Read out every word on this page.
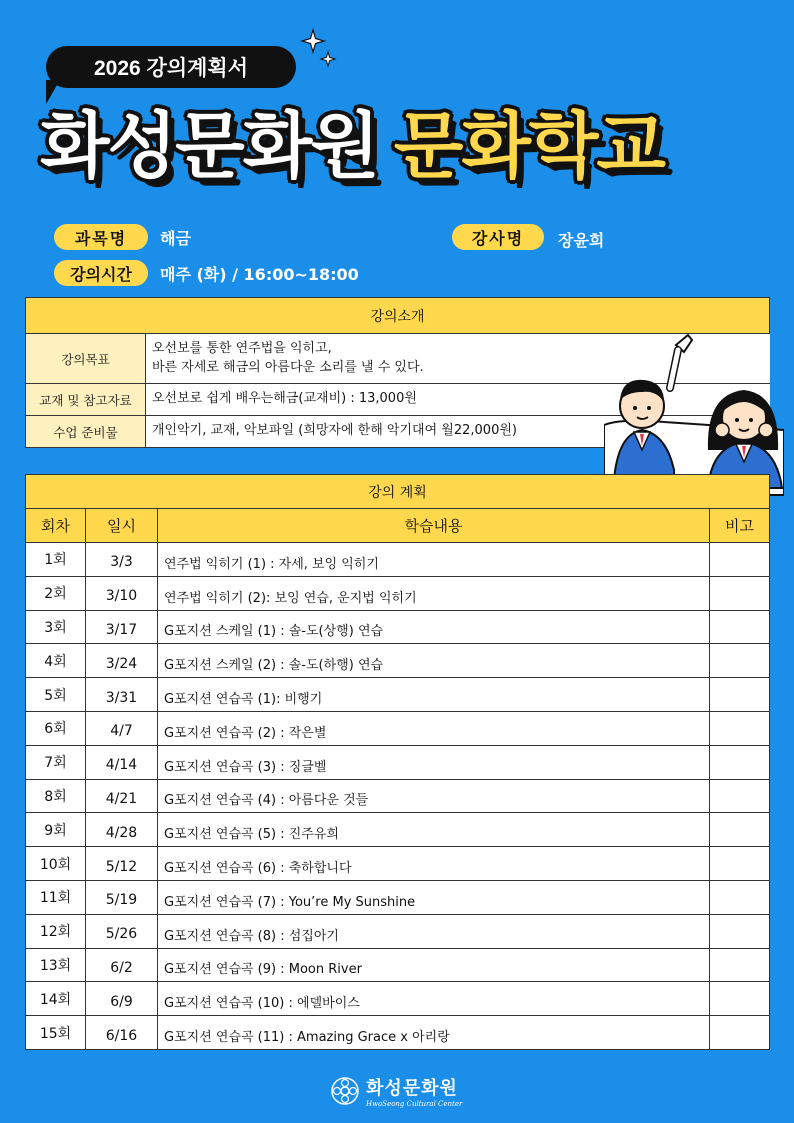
2026 강의계획서
화성문화원 문화학교
과목명	해금	강사명	장윤희
강의시간	매주 (화) / 16:00~18:00
강의소개	
강의목표	오선보를 통한 연주법을 익히고,
바른 자세로 해금의 아름다운 소리를 낼 수 있다.

교재 및 참고자료	오선보로 쉽게 배우는해금(교재비) : 13,000원
수업 준비물	개인악기, 교재, 악보파일 (희망자에 한해 악기대여 월22,000원)
강의 계획			
회차	일시	학습내용	비고
1회	3/3	연주법 익히기 (1) : 자세, 보잉 익히기	
2회	3/10	연주법 익히기 (2): 보잉 연습, 운지법 익히기	
3회	3/17	G포지션 스케일 (1) : 솔-도(상행) 연습	
4회	3/24	G포지션 스케일 (2) : 솔-도(하행) 연습	
5회	3/31	G포지션 연습곡 (1): 비행기	
6회	4/7	G포지션 연습곡 (2) : 작은별	
7회	4/14	G포지션 연습곡 (3) : 징글벨	
8회	4/21	G포지션 연습곡 (4) : 아름다운 것들	
9회	4/28	G포지션 연습곡 (5) : 진주유희	
10회	5/12	G포지션 연습곡 (6) : 축하합니다	
11회	5/19	G포지션 연습곡 (7) : You’re My Sunshine	
12회	5/26	G포지션 연습곡 (8) : 섬집아기	
13회	6/2	G포지션 연습곡 (9) : Moon River	
14회	6/9	G포지션 연습곡 (10) : 에델바이스	
15회	6/16	G포지션 연습곡 (11) : Amazing Grace x 아리랑	
화성문화원
HwaSeong Cultural Center
